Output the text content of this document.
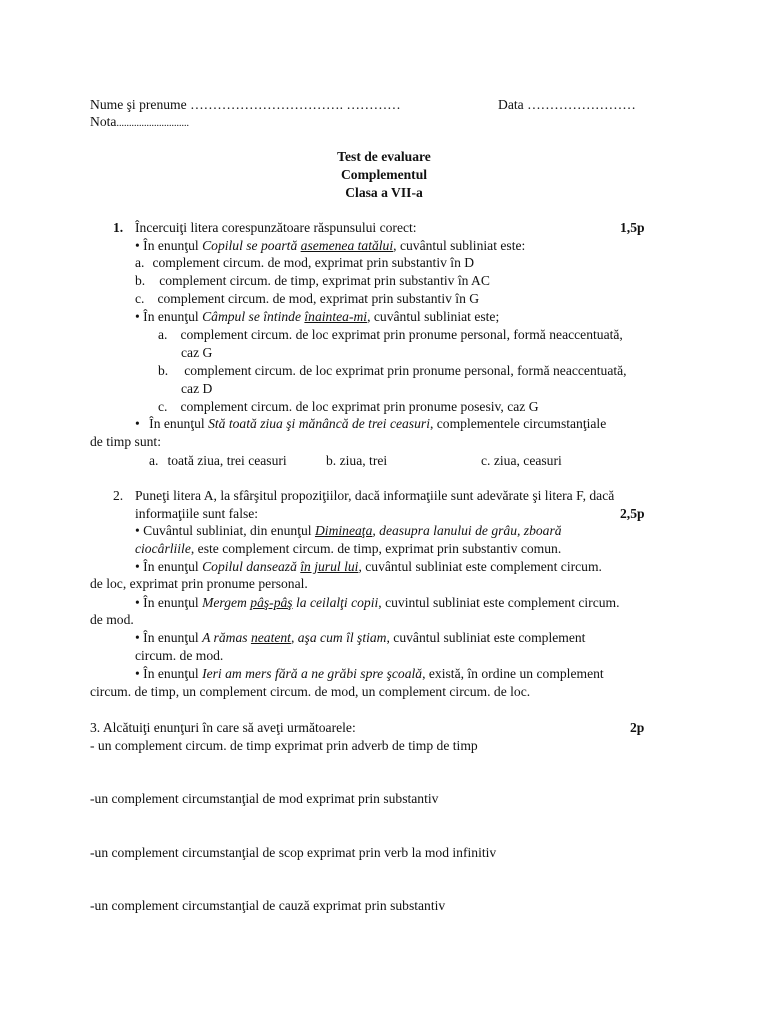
Nume şi prenume ……………………………. …………	Data ……………………
Nota.............................
Test de evaluare
Complementul
Clasa a VII-a
1. Încercuiţi litera corespunzătoare răspunsului corect:	1,5p
• În enunţul Copilul se poartă asemenea tatălui, cuvântul subliniat este:
a. complement circum. de mod, exprimat prin substantiv în D
b. complement circum. de timp, exprimat prin substantiv în AC
c. complement circum. de mod, exprimat prin substantiv în G
• În enunţul Câmpul se întinde înaintea-mi, cuvântul subliniat este;
a. complement circum. de loc exprimat prin pronume personal, formă neaccentuată,
caz G
b. complement circum. de loc exprimat prin pronume personal, formă neaccentuată,
caz D
c. complement circum. de loc exprimat prin pronume posesiv, caz G
• În enunţul Stă toată ziua şi mănâncă de trei ceasuri, complementele circumstanţiale
de timp sunt:
a. toată ziua, trei ceasuri	b. ziua, trei	c. ziua, ceasuri
2. Puneţi litera A, la sfârşitul propoziţiilor, dacă informaţiile sunt adevărate şi litera F, dacă
informaţiile sunt false:	2,5p
• Cuvântul subliniat, din enunţul Dimineaţa, deasupra lanului de grâu, zboară
ciocârliile, este complement circum. de timp, exprimat prin substantiv comun.
• În enunţul Copilul dansează în jurul lui, cuvântul subliniat este complement circum.
de loc, exprimat prin pronume personal.
• În enunţul Mergem pâş-pâş la ceilalţi copii, cuvintul subliniat este complement circum.
de mod.
• În enunţul A rămas neatent, aşa cum îl ştiam, cuvântul subliniat este complement
circum. de mod.
• În enunţul Ieri am mers fără a ne grăbi spre şcoală, există, în ordine un complement
circum. de timp, un complement circum. de mod, un complement circum. de loc.
3. Alcătuiţi enunţuri în care să aveţi următoarele:	2p
- un complement circum. de timp exprimat prin adverb de timp de timp
-un complement circumstanţial de mod exprimat prin substantiv
-un complement circumstanţial de scop exprimat prin verb la mod infinitiv
-un complement circumstanţial de cauză exprimat prin substantiv
